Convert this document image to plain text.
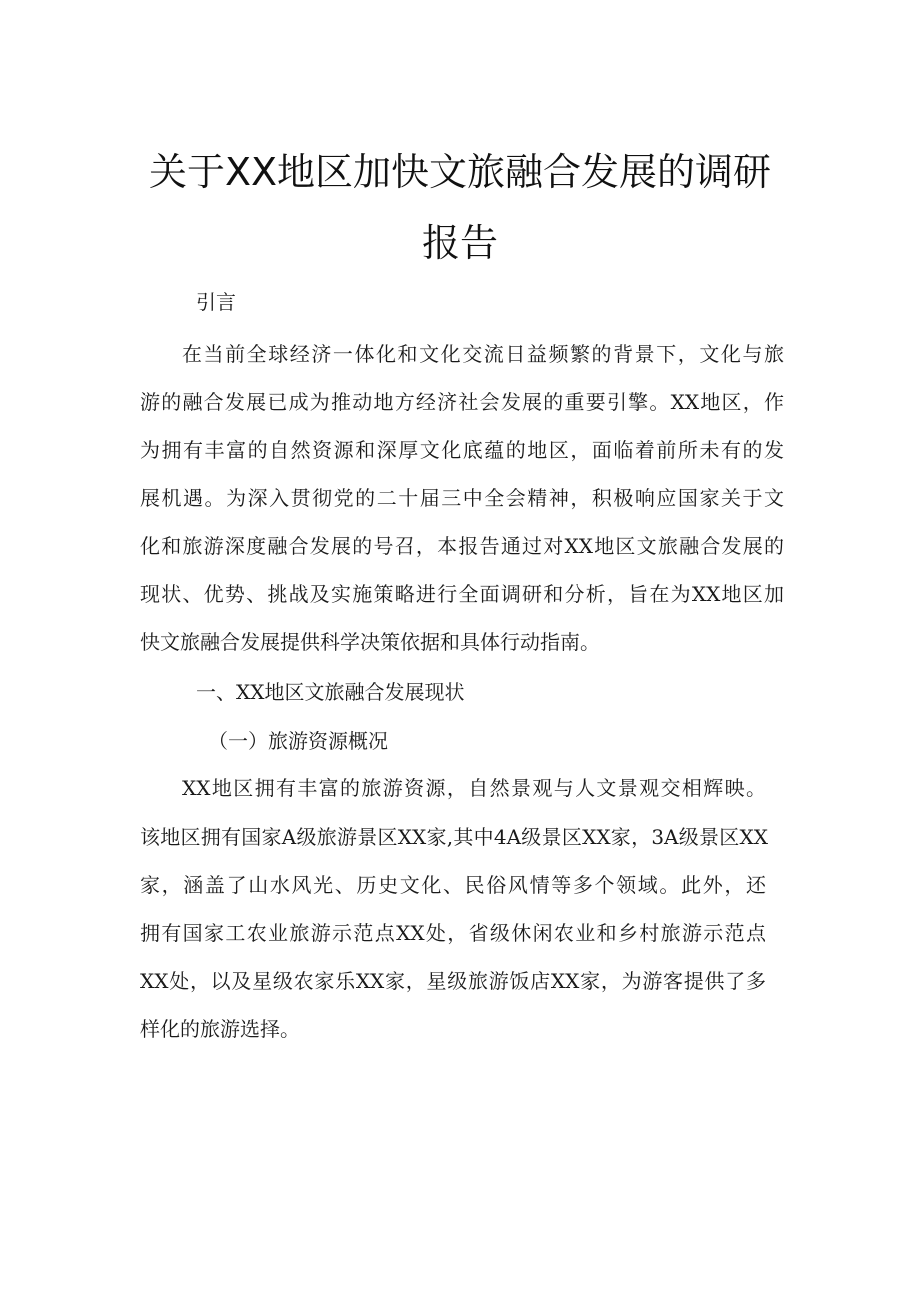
关于XX地区加快文旅融合发展的调研
报告
引言
在当前全球经济一体化和文化交流日益频繁的背景下，文化与旅
游的融合发展已成为推动地方经济社会发展的重要引擎。XX地区，作
为拥有丰富的自然资源和深厚文化底蕴的地区，面临着前所未有的发
展机遇。为深入贯彻党的二十届三中全会精神，积极响应国家关于文
化和旅游深度融合发展的号召，本报告通过对XX地区文旅融合发展的
现状、优势、挑战及实施策略进行全面调研和分析，旨在为XX地区加
快文旅融合发展提供科学决策依据和具体行动指南。
一、XX地区文旅融合发展现状
（一）旅游资源概况
XX地区拥有丰富的旅游资源，自然景观与人文景观交相辉映。
该地区拥有国家A级旅游景区XX家,其中4A级景区XX家，3A级景区XX
家，涵盖了山水风光、历史文化、民俗风情等多个领域。此外，还
拥有国家工农业旅游示范点XX处，省级休闲农业和乡村旅游示范点
XX处，以及星级农家乐XX家，星级旅游饭店XX家，为游客提供了多
样化的旅游选择。
